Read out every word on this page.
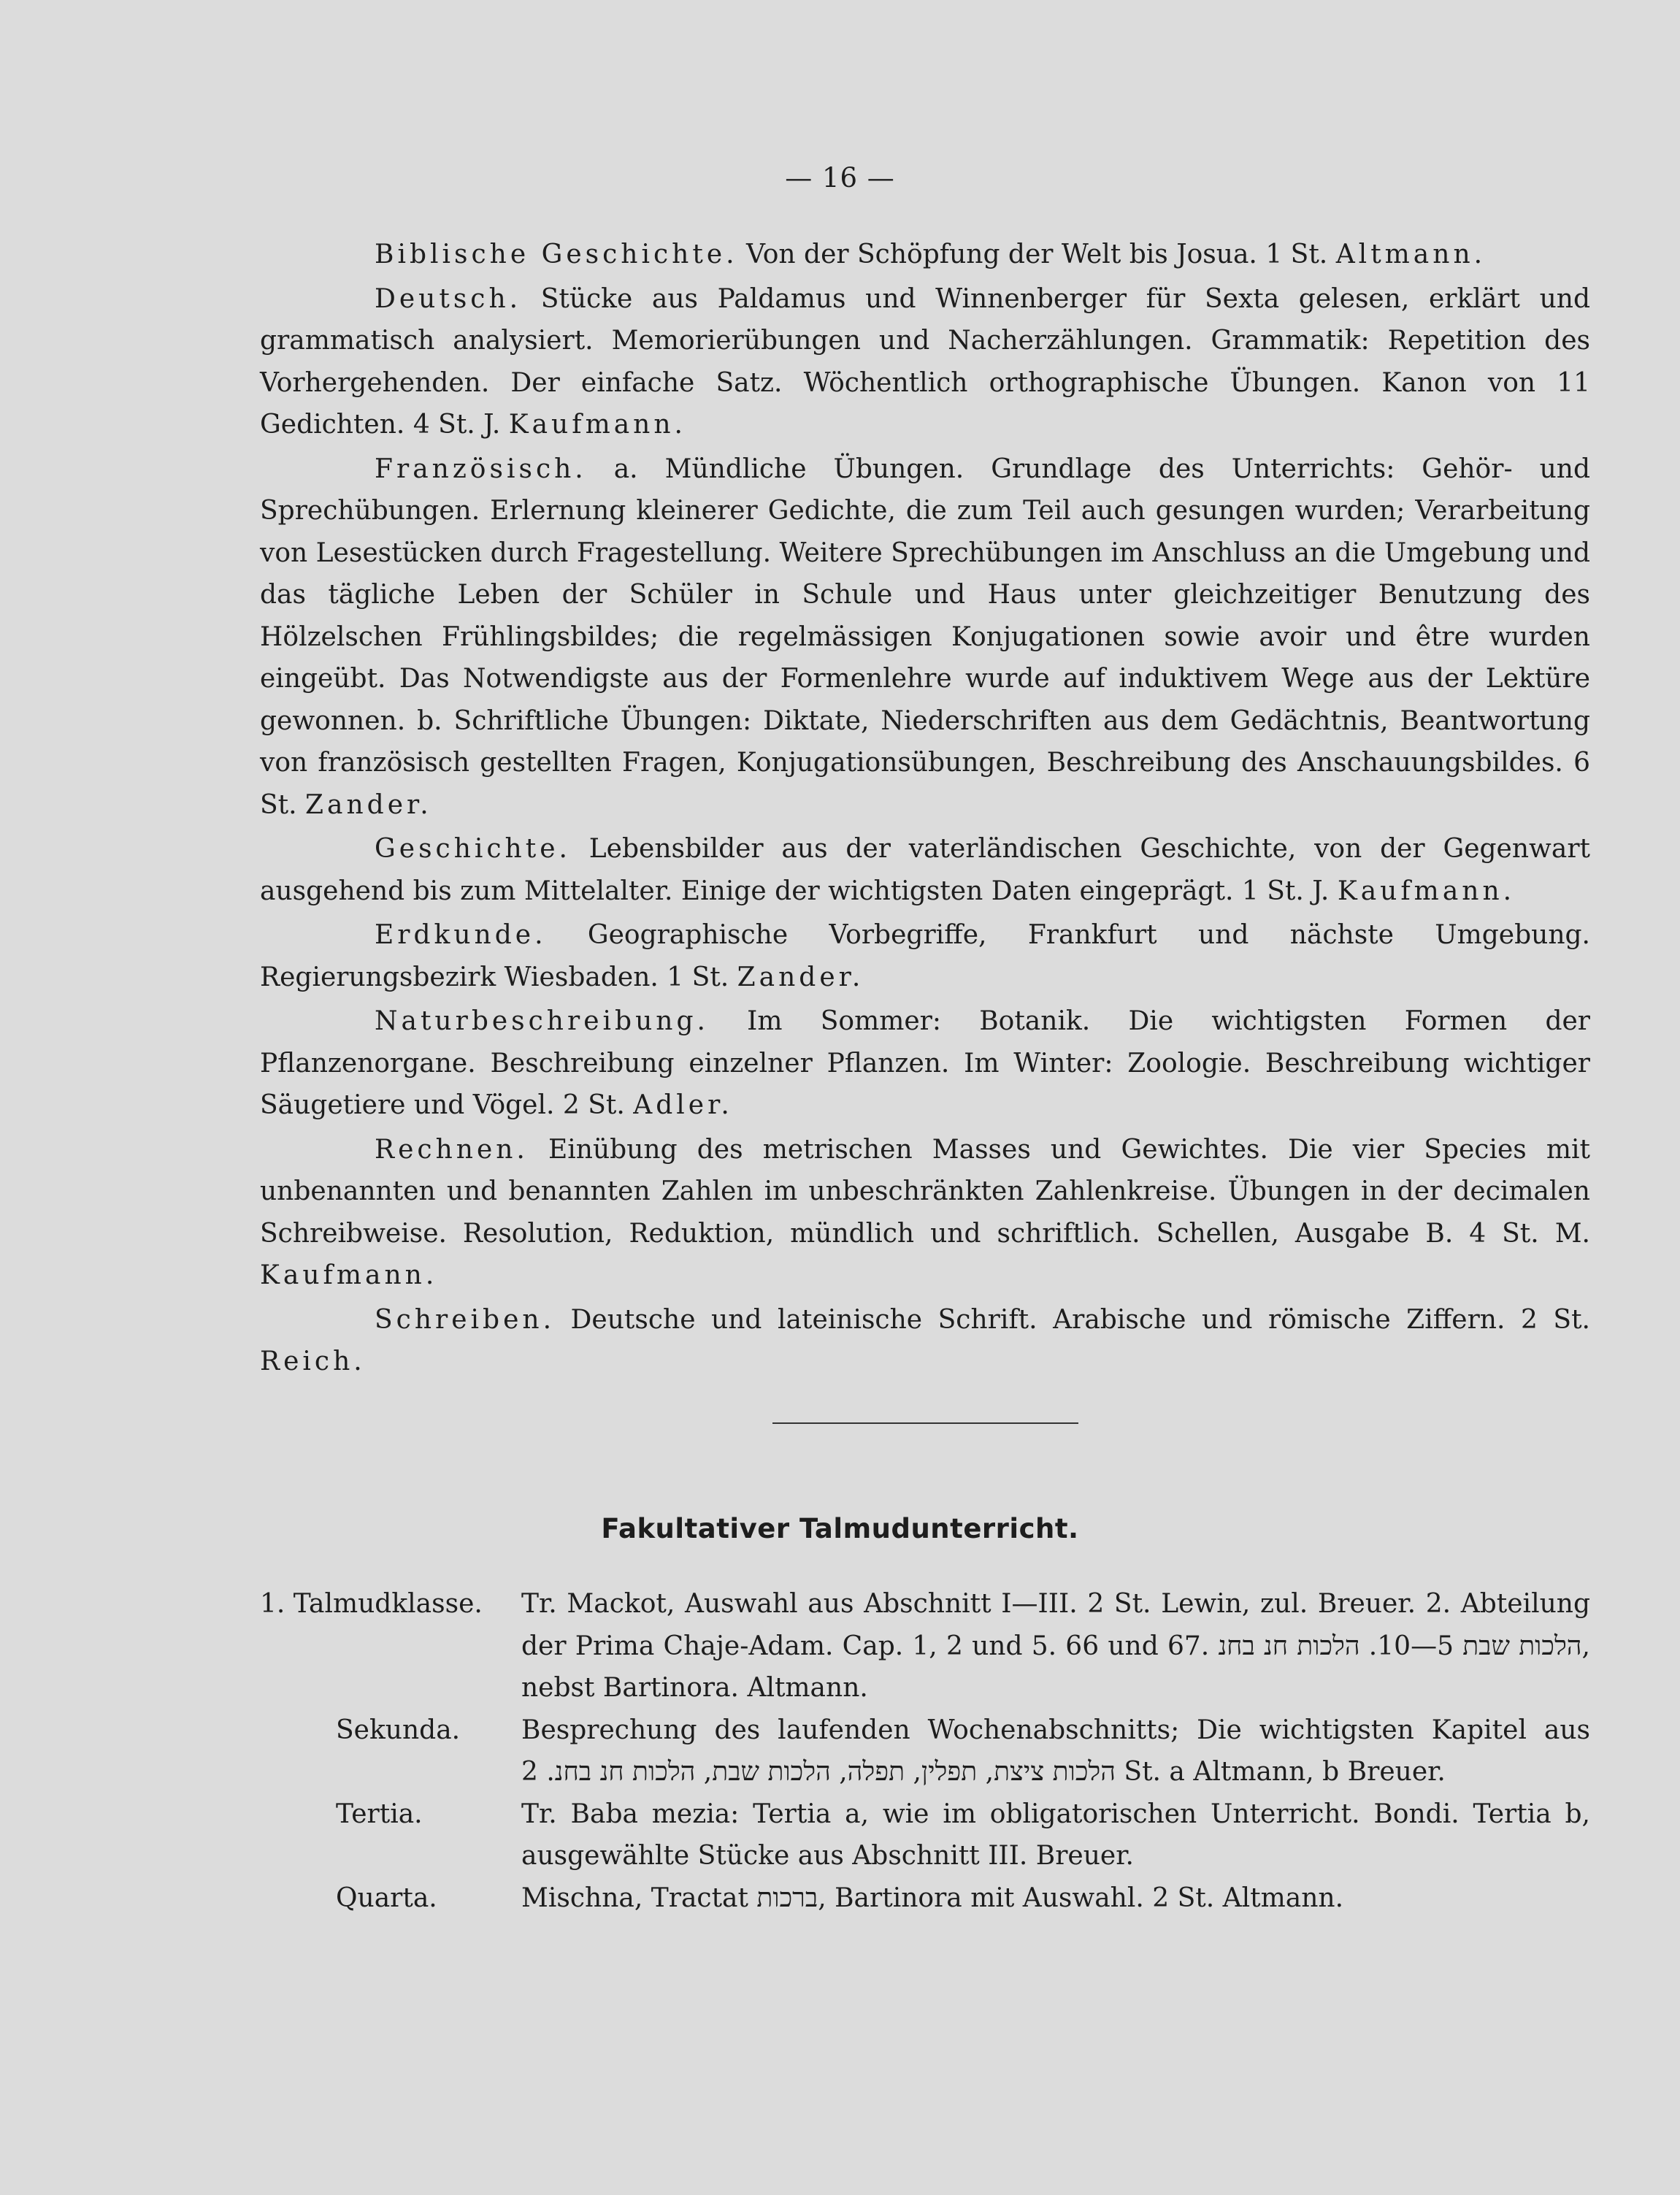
— 16 —

Biblische Geschichte. Von der Schöpfung der Welt bis Josua. 1 St. Altmann.

Deutsch. Stücke aus Paldamus und Winnenberger für Sexta gelesen, erklärt und grammatisch analysiert. Memorierübungen und Nacherzählungen. Grammatik: Repetition des Vorhergehenden. Der einfache Satz. Wöchentlich orthographische Übungen. Kanon von 11 Gedichten. 4 St. J. Kaufmann.

Französisch. a. Mündliche Übungen. Grundlage des Unterrichts: Gehör- und Sprechübungen. Erlernung kleinerer Gedichte, die zum Teil auch gesungen wurden; Verarbeitung von Lesestücken durch Fragestellung. Weitere Sprechübungen im Anschluss an die Umgebung und das tägliche Leben der Schüler in Schule und Haus unter gleichzeitiger Benutzung des Hölzelschen Frühlingsbildes; die regelmässigen Konjugationen sowie avoir und être wurden eingeübt. Das Notwendigste aus der Formenlehre wurde auf induktivem Wege aus der Lektüre gewonnen. b. Schriftliche Übungen: Diktate, Niederschriften aus dem Gedächtnis, Beantwortung von französisch gestellten Fragen, Konjugationsübungen, Beschreibung des Anschauungsbildes. 6 St. Zander.

Geschichte. Lebensbilder aus der vaterländischen Geschichte, von der Gegenwart ausgehend bis zum Mittelalter. Einige der wichtigsten Daten eingeprägt. 1 St. J. Kaufmann.

Erdkunde. Geographische Vorbegriffe, Frankfurt und nächste Umgebung. Regierungsbezirk Wiesbaden. 1 St. Zander.

Naturbeschreibung. Im Sommer: Botanik. Die wichtigsten Formen der Pflanzenorgane. Beschreibung einzelner Pflanzen. Im Winter: Zoologie. Beschreibung wichtiger Säugetiere und Vögel. 2 St. Adler.

Rechnen. Einübung des metrischen Masses und Gewichtes. Die vier Species mit unbenannten und benannten Zahlen im unbeschränkten Zahlenkreise. Übungen in der decimalen Schreibweise. Resolution, Reduktion, mündlich und schriftlich. Schellen, Ausgabe B. 4 St. M. Kaufmann.

Schreiben. Deutsche und lateinische Schrift. Arabische und römische Ziffern. 2 St. Reich.

Fakultativer Talmudunterricht.
1. Talmudklasse.	Tr. Mackot, Auswahl aus Abschnitt I—III. 2 St. Lewin, zul. Breuer. 2. Abteilung der Prima Chaje-Adam. Cap. 1, 2 und 5. 66 und 67. הלכות שבת 5—10. הלכות חנ בחנ, nebst Bartinora. Altmann.
Sekunda.	Besprechung des laufenden Wochenabschnitts; Die wichtigsten Kapitel aus הלכות ציצת, תפלין, תפלה, הלכות שבת, הלכות חנ בחנ. 2 St. a Altmann, b Breuer.
Tertia.	Tr. Baba mezia: Tertia a, wie im obligatorischen Unterricht. Bondi. Tertia b, ausgewählte Stücke aus Abschnitt III. Breuer.
Quarta.	Mischna, Tractat ברכות, Bartinora mit Auswahl. 2 St. Altmann.
